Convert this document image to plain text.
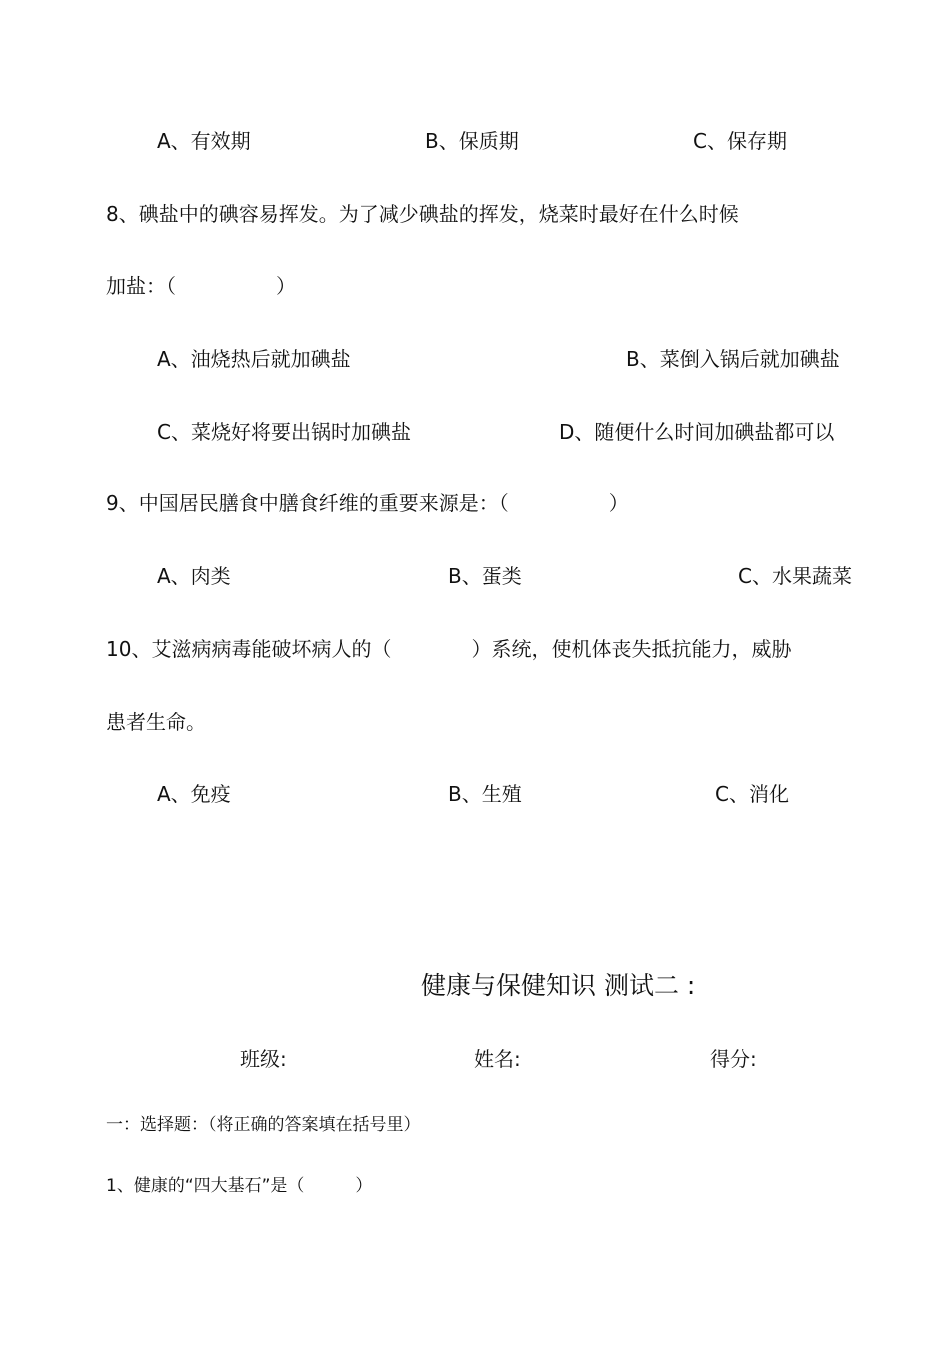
A、有效期	B、保质期	C、保存期
8、碘盐中的碘容易挥发。为了减少碘盐的挥发，烧菜时最好在什么时候
加盐：（　　　　　）
A、油烧热后就加碘盐	B、菜倒入锅后就加碘盐
C、菜烧好将要出锅时加碘盐	D、随便什么时间加碘盐都可以
9、中国居民膳食中膳食纤维的重要来源是：（　　　　　）
A、肉类	B、蛋类	C、水果蔬菜
10、艾滋病病毒能破坏病人的（　　　　）系统，使机体丧失抵抗能力，威胁
患者生命。
A、免疫	B、生殖	C、消化
健康与保健知识 测试二 :
班级:	姓名:	得分:
一：选择题：（将正确的答案填在括号里）
1、健康的“四大基石”是（　　　）
